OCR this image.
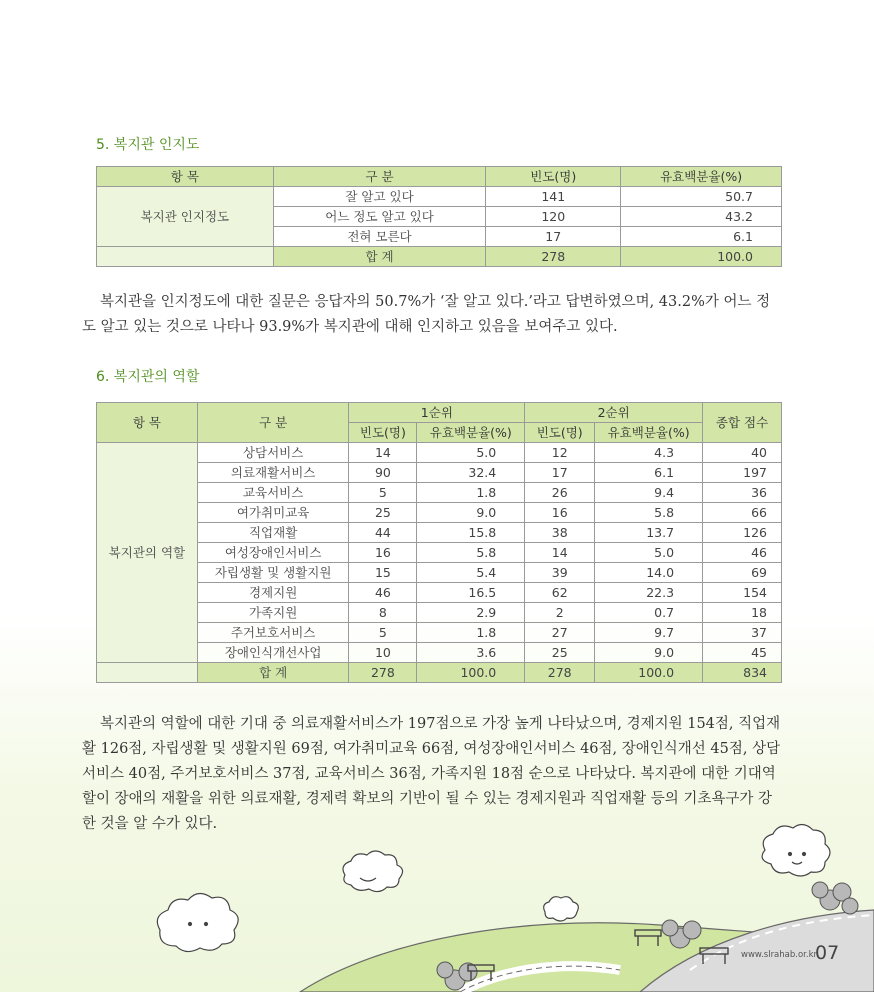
5. 복지관 인지도
항 목	구 분	빈도(명)	유효백분율(%)
복지관 인지정도	잘 알고 있다	141	50.7
	어느 정도 알고 있다	120	43.2
	전혀 모른다	17	6.1
	합 계	278	100.0

복지관을 인지정도에 대한 질문은 응답자의 50.7%가 ‘잘 알고 있다.’라고 답변하였으며, 43.2%가 어느 정도 알고 있는 것으로 나타나 93.9%가 복지관에 대해 인지하고 있음을 보여주고 있다.

6. 복지관의 역할
항 목	구 분	1순위		2순위		종합 점수
		빈도(명)	유효백분율(%)	빈도(명)	유효백분율(%)	
복지관의 역할	상담서비스	14	5.0	12	4.3	40
	의료재활서비스	90	32.4	17	6.1	197
	교육서비스	5	1.8	26	9.4	36
	여가취미교육	25	9.0	16	5.8	66
	직업재활	44	15.8	38	13.7	126
	여성장애인서비스	16	5.8	14	5.0	46
	자립생활 및 생활지원	15	5.4	39	14.0	69
	경제지원	46	16.5	62	22.3	154
	가족지원	8	2.9	2	0.7	18
	주거보호서비스	5	1.8	27	9.7	37
	장애인식개선사업	10	3.6	25	9.0	45
	합 계	278	100.0	278	100.0	834

복지관의 역할에 대한 기대 중 의료재활서비스가 197점으로 가장 높게 나타났으며, 경제지원 154점, 직업재활 126점, 자립생활 및 생활지원 69점, 여가취미교육 66점, 여성장애인서비스 46점, 장애인식개선 45점, 상담서비스 40점, 주거보호서비스 37점, 교육서비스 36점, 가족지원 18점 순으로 나타났다. 복지관에 대한 기대역할이 장애의 재활을 위한 의료재활, 경제력 확보의 기반이 될 수 있는 경제지원과 직업재활 등의 기초욕구가 강한 것을 알 수가 있다.

www.slrahab.or.kr
07
